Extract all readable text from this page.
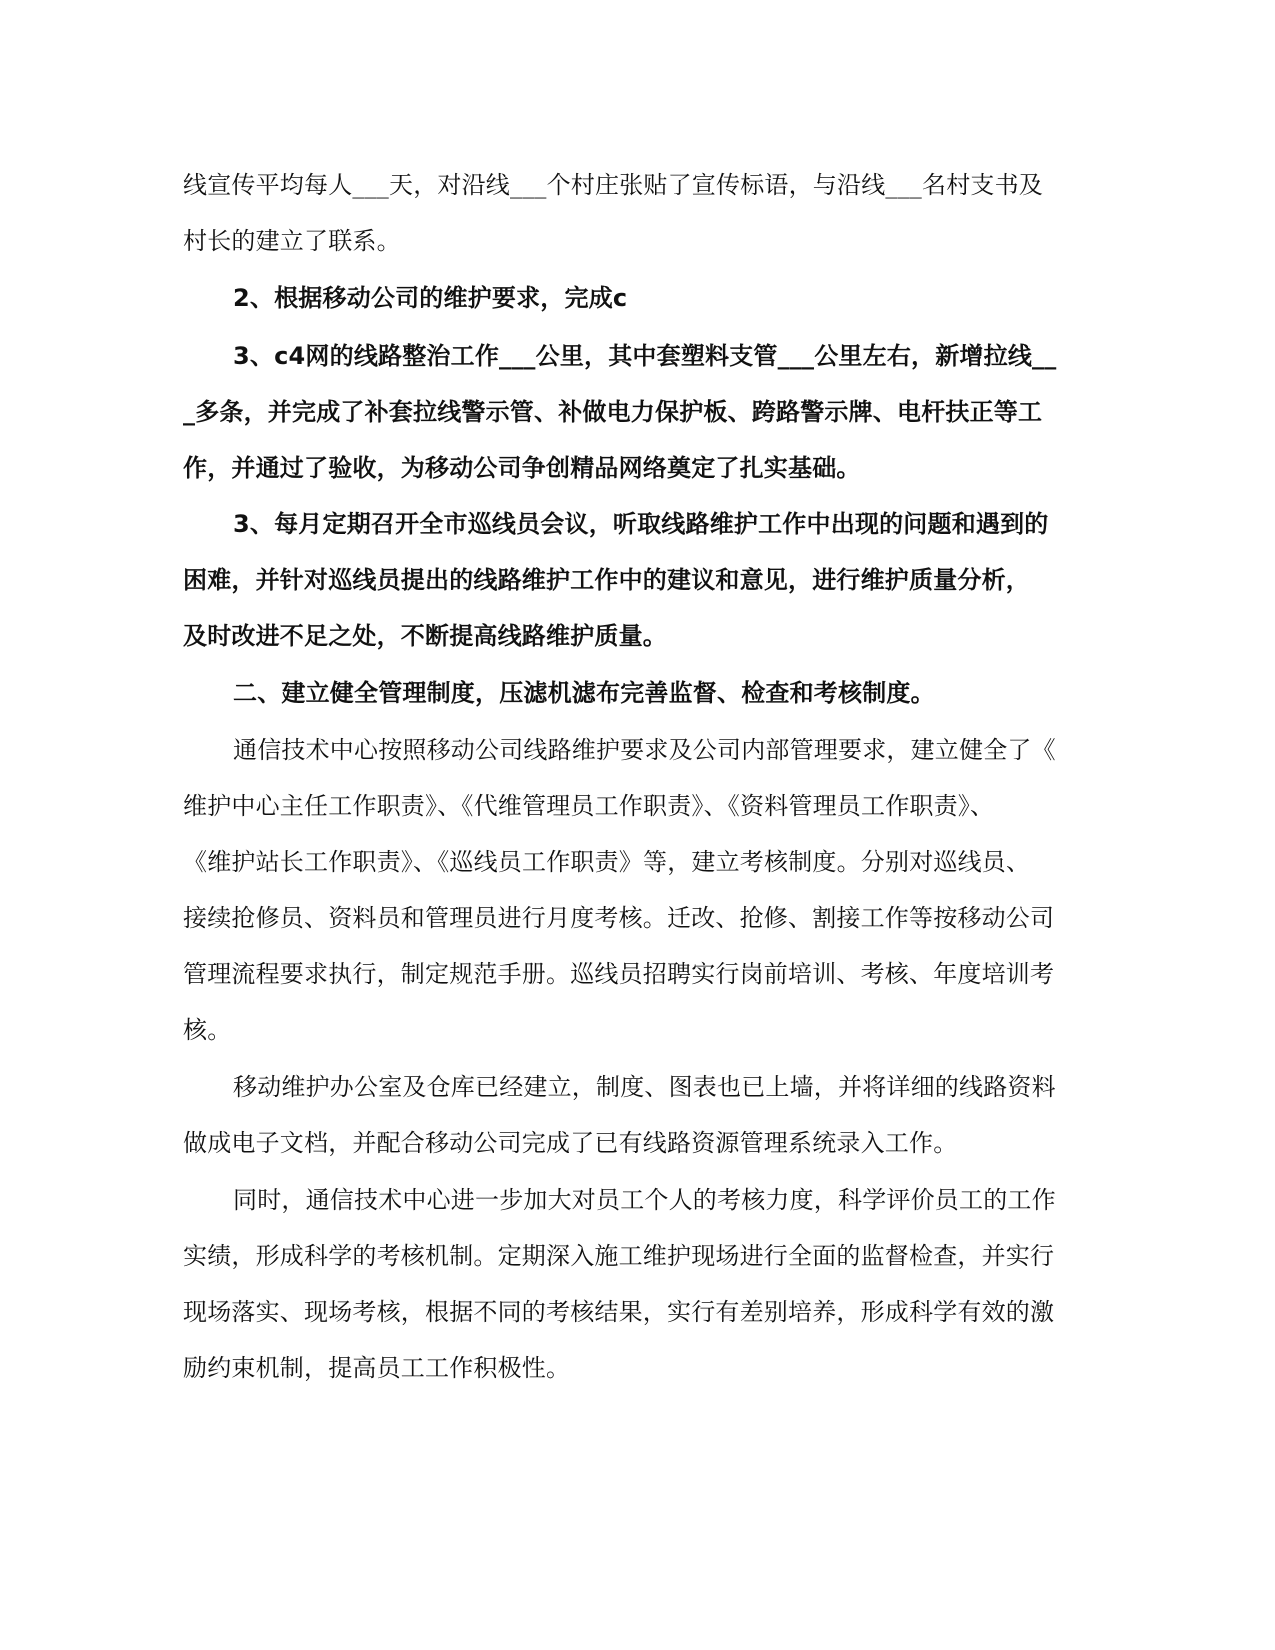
线宣传平均每人___天，对沿线___个村庄张贴了宣传标语，与沿线___名村支书及
村长的建立了联系。
2、根据移动公司的维护要求，完成c
3、c4网的线路整治工作___公里，其中套塑料支管___公里左右，新增拉线__
_多条，并完成了补套拉线警示管、补做电力保护板、跨路警示牌、电杆扶正等工
作，并通过了验收，为移动公司争创精品网络奠定了扎实基础。
3、每月定期召开全市巡线员会议，听取线路维护工作中出现的问题和遇到的
困难，并针对巡线员提出的线路维护工作中的建议和意见，进行维护质量分析，
及时改进不足之处，不断提高线路维护质量。
二、建立健全管理制度，压滤机滤布完善监督、检查和考核制度。
通信技术中心按照移动公司线路维护要求及公司内部管理要求，建立健全了《
维护中心主任工作职责》、《代维管理员工作职责》、《资料管理员工作职责》、
《维护站长工作职责》、《巡线员工作职责》等，建立考核制度。分别对巡线员、
接续抢修员、资料员和管理员进行月度考核。迁改、抢修、割接工作等按移动公司
管理流程要求执行，制定规范手册。巡线员招聘实行岗前培训、考核、年度培训考
核。
移动维护办公室及仓库已经建立，制度、图表也已上墙，并将详细的线路资料
做成电子文档，并配合移动公司完成了已有线路资源管理系统录入工作。
同时，通信技术中心进一步加大对员工个人的考核力度，科学评价员工的工作
实绩，形成科学的考核机制。定期深入施工维护现场进行全面的监督检查，并实行
现场落实、现场考核，根据不同的考核结果，实行有差别培养，形成科学有效的激
励约束机制，提高员工工作积极性。
